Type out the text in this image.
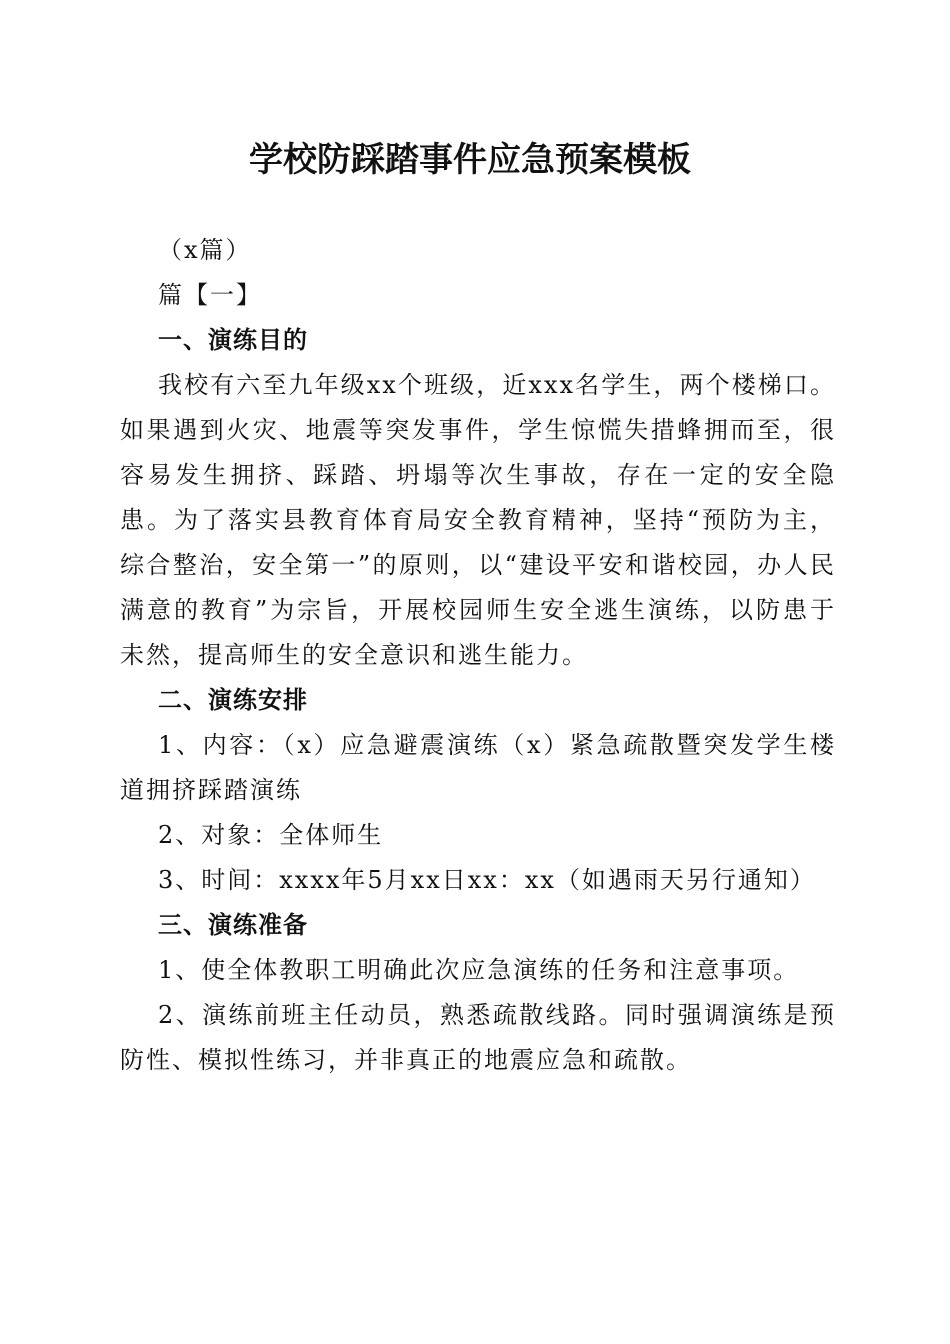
学校防踩踏事件应急预案模板

（x篇）

篇【一】

一、演练目的

我校有六至九年级xx个班级，近xxx名学生，两个楼梯口。如果遇到火灾、地震等突发事件，学生惊慌失措蜂拥而至，很容易发生拥挤、踩踏、坍塌等次生事故，存在一定的安全隐患。为了落实县教育体育局安全教育精神，坚持“预防为主，综合整治，安全第一”的原则，以“建设平安和谐校园，办人民满意的教育”为宗旨，开展校园师生安全逃生演练，以防患于未然，提高师生的安全意识和逃生能力。

二、演练安排

1、内容：（x）应急避震演练（x）紧急疏散暨突发学生楼道拥挤踩踏演练

2、对象：全体师生

3、时间：xxxx年5月xx日xx：xx（如遇雨天另行通知）

三、演练准备

1、使全体教职工明确此次应急演练的任务和注意事项。

2、演练前班主任动员，熟悉疏散线路。同时强调演练是预防性、模拟性练习，并非真正的地震应急和疏散。
